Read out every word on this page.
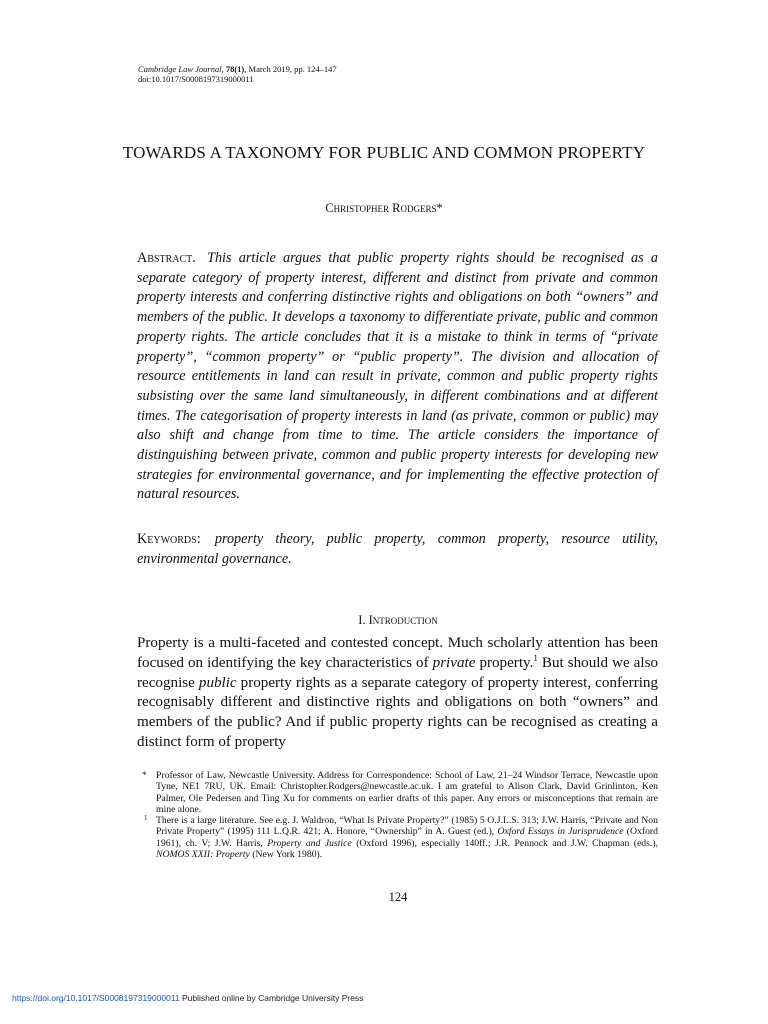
Cambridge Law Journal, 78(1), March 2019, pp. 124–147
doi:10.1017/S0008197319000011
TOWARDS A TAXONOMY FOR PUBLIC AND COMMON PROPERTY
Christopher Rodgers*
Abstract. This article argues that public property rights should be recognised as a separate category of property interest, different and distinct from private and common property interests and conferring distinctive rights and obligations on both “owners” and members of the public. It develops a taxonomy to differentiate private, public and common property rights. The article concludes that it is a mistake to think in terms of “private property”, “common property” or “public property”. The division and allocation of resource entitlements in land can result in private, common and public property rights subsisting over the same land simultaneously, in different combinations and at different times. The categorisation of property interests in land (as private, common or public) may also shift and change from time to time. The article considers the importance of distinguishing between private, common and public property interests for developing new strategies for environmental governance, and for implementing the effective protection of natural resources.
Keywords: property theory, public property, common property, resource utility, environmental governance.
I. Introduction
Property is a multi-faceted and contested concept. Much scholarly attention has been focused on identifying the key characteristics of private property.$^1$ But should we also recognise public property rights as a separate category of property interest, conferring recognisably different and distinctive rights and obligations on both “owners” and members of the public? And if public property rights can be recognised as creating a distinct form of property
* Professor of Law, Newcastle University. Address for Correspondence: School of Law, 21–24 Windsor Terrace, Newcastle upon Tyne, NE1 7RU, UK. Email: Christopher.Rodgers@newcastle.ac.uk. I am grateful to Alison Clark, David Grinlinton, Ken Palmer, Ole Pedersen and Ting Xu for comments on earlier drafts of this paper. Any errors or misconceptions that remain are mine alone.
1 There is a large literature. See e.g. J. Waldron, “What Is Private Property?” (1985) 5 O.J.L.S. 313; J.W. Harris, “Private and Non Private Property” (1995) 111 L.Q.R. 421; A. Honore, “Ownership” in A. Guest (ed.), Oxford Essays in Jurisprudence (Oxford 1961), ch. V; J.W. Harris, Property and Justice (Oxford 1996), especially 140ff.; J.R. Pennock and J.W. Chapman (eds.), NOMOS XXII: Property (New York 1980).
124
https://doi.org/10.1017/S0008197319000011 Published online by Cambridge University Press
